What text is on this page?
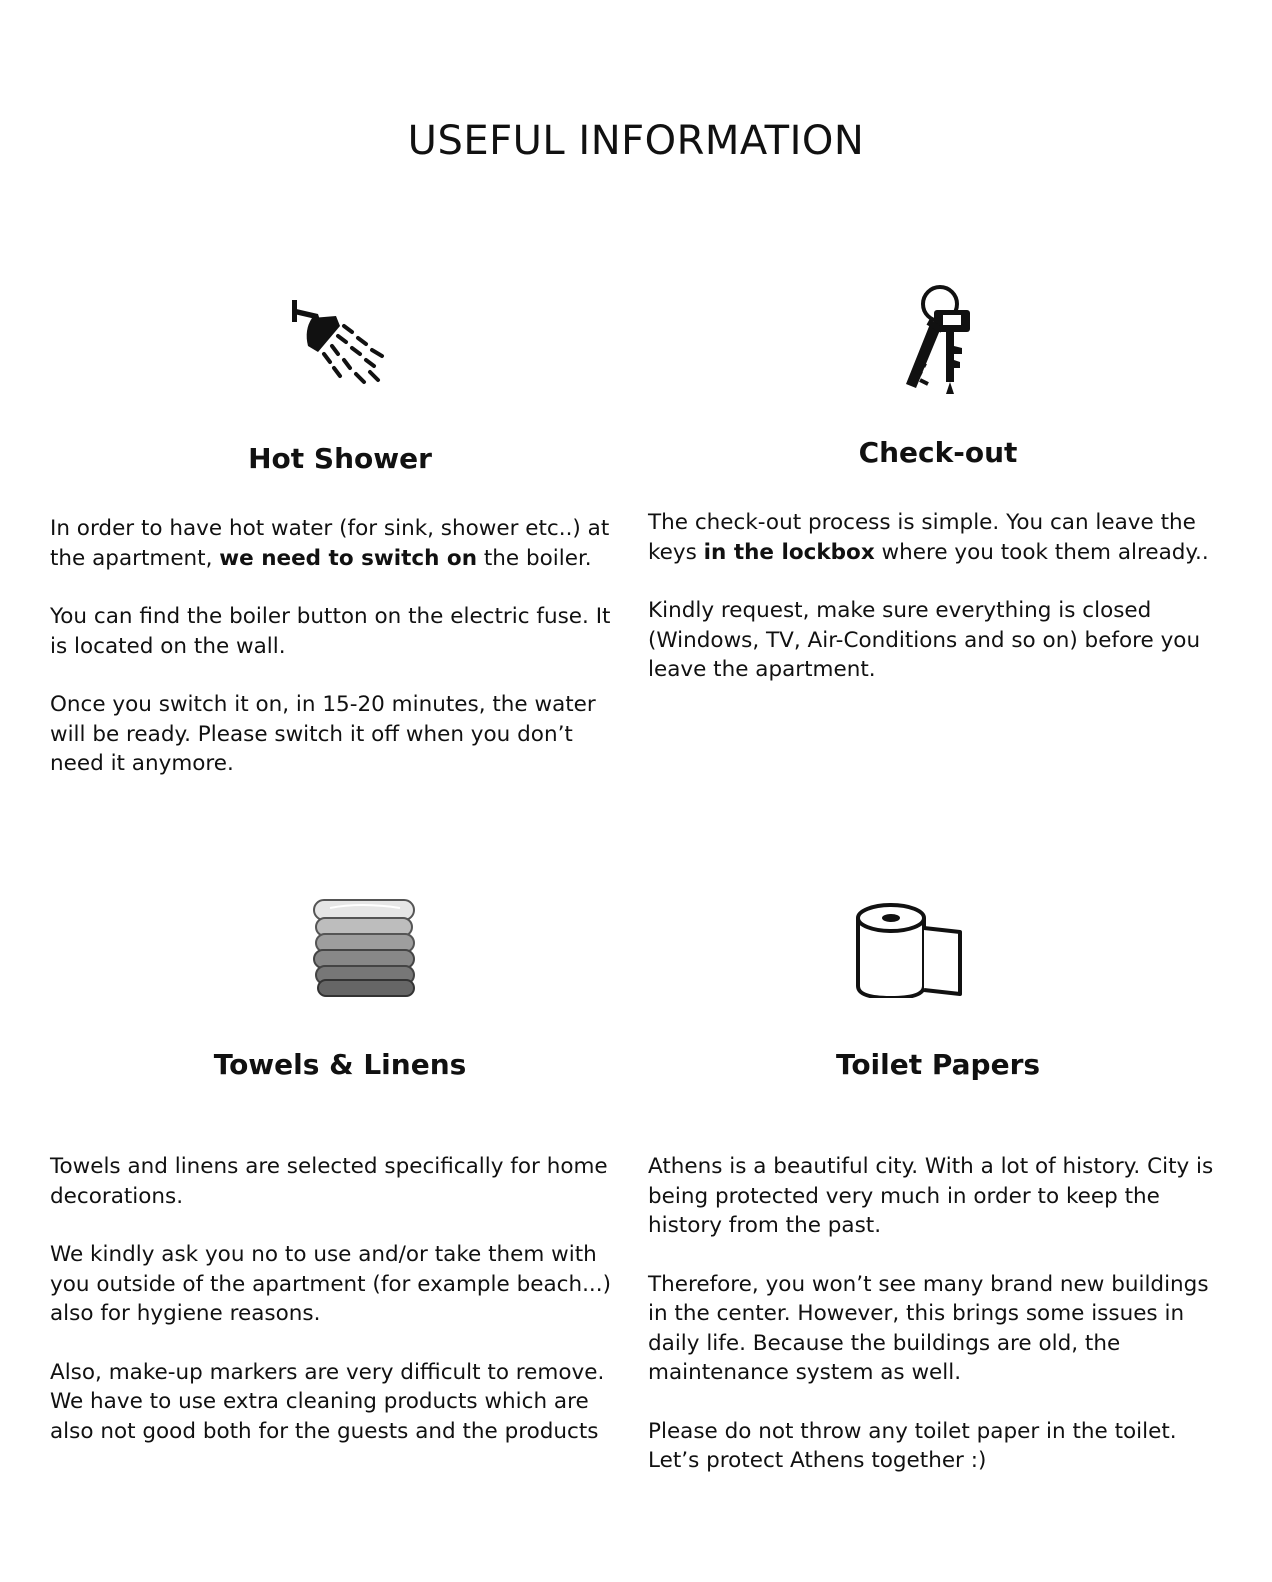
USEFUL INFORMATION
Hot Shower

In order to have hot water (for sink, shower etc..) at the apartment, we need to switch on the boiler.

You can find the boiler button on the electric fuse. It is located on the wall.

Once you switch it on, in 15-20 minutes, the water will be ready. Please switch it off when you don’t need it anymore.

Check-out

The check-out process is simple. You can leave the keys in the lockbox where you took them already..

Kindly request, make sure everything is closed (Windows, TV, Air-Conditions and so on) before you leave the apartment.

Towels & Linens

Towels and linens are selected specifically for home decorations.

We kindly ask you no to use and/or take them with you outside of the apartment (for example beach...) also for hygiene reasons.

Also, make-up markers are very difficult to remove. We have to use extra cleaning products which are also not good both for the guests and the products

Toilet Papers

Athens is a beautiful city. With a lot of history. City is being protected very much in order to keep the history from the past.

Therefore, you won’t see many brand new buildings in the center. However, this brings some issues in daily life. Because the buildings are old, the maintenance system as well.

Please do not throw any toilet paper in the toilet. Let’s protect Athens together :)
